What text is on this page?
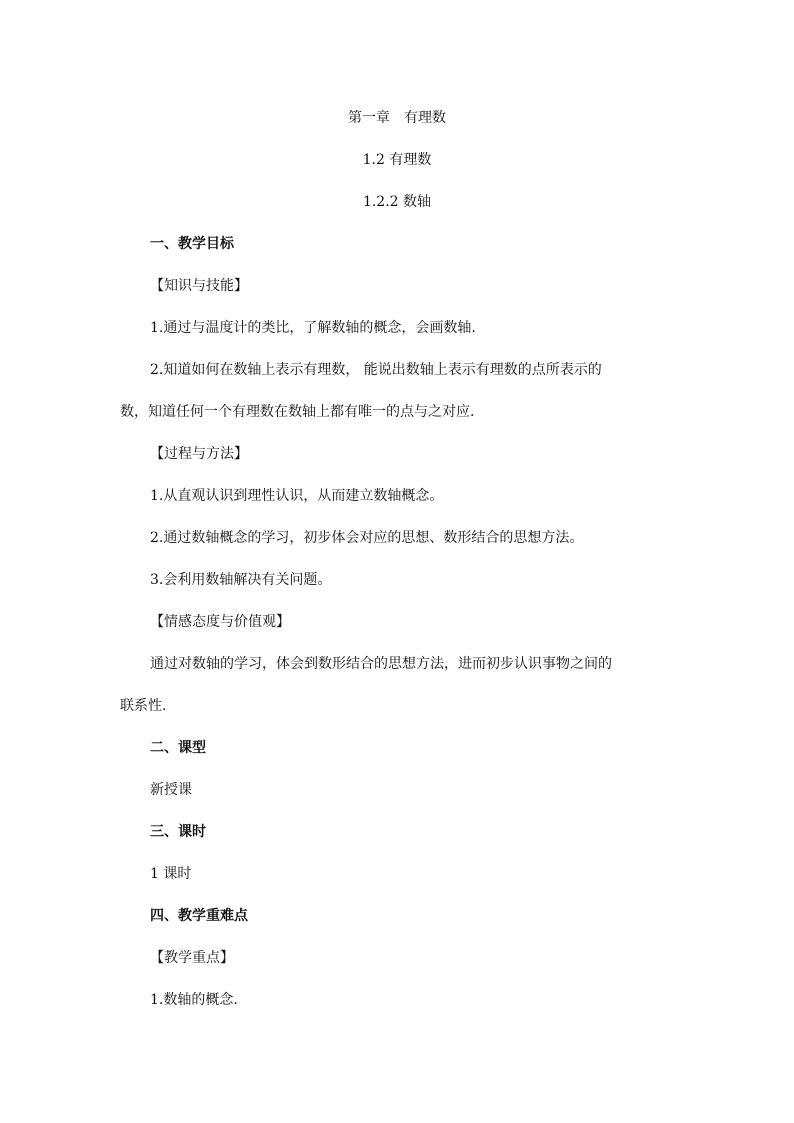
第一章　有理数
1.2 有理数
1.2.2 数轴
一、教学目标
【知识与技能】
1.通过与温度计的类比，了解数轴的概念，会画数轴.
2.知道如何在数轴上表示有理数， 能说出数轴上表示有理数的点所表示的
数，知道任何一个有理数在数轴上都有唯一的点与之对应.
【过程与方法】
1.从直观认识到理性认识，从而建立数轴概念。
2.通过数轴概念的学习，初步体会对应的思想、数形结合的思想方法。
3.会利用数轴解决有关问题。
【情感态度与价值观】
通过对数轴的学习，体会到数形结合的思想方法，进而初步认识事物之间的
联系性.
二、课型
新授课
三、课时
1 课时
四、教学重难点
【教学重点】
1.数轴的概念.
